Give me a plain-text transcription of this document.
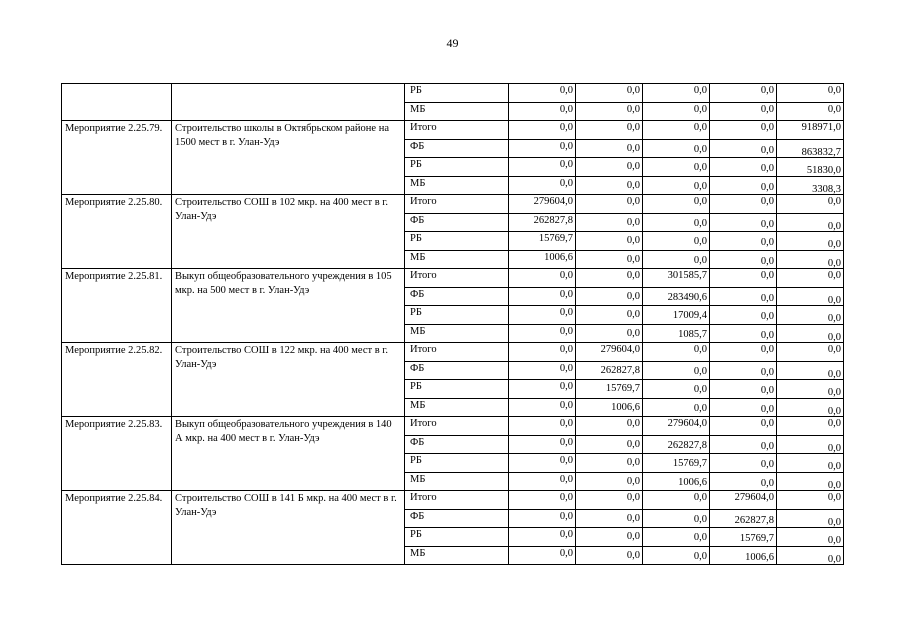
49
		РБ	0,0	0,0	0,0	0,0	0,0
		МБ	0,0	0,0	0,0	0,0	0,0
Мероприятие 2.25.79.	Строительство школы в Октябрьском районе на 1500 мест в г. Улан-Удэ	Итого	0,0	0,0	0,0	0,0	918971,0
		ФБ	0,0	0,0	0,0	0,0	863832,7
		РБ	0,0	0,0	0,0	0,0	51830,0
		МБ	0,0	0,0	0,0	0,0	3308,3
Мероприятие 2.25.80.	Строительство СОШ в 102 мкр. на 400 мест в г. Улан-Удэ	Итого	279604,0	0,0	0,0	0,0	0,0
		ФБ	262827,8	0,0	0,0	0,0	0,0
		РБ	15769,7	0,0	0,0	0,0	0,0
		МБ	1006,6	0,0	0,0	0,0	0,0
Мероприятие 2.25.81.	Выкуп общеобразовательного учреждения в 105 мкр. на 500 мест в г. Улан-Удэ	Итого	0,0	0,0	301585,7	0,0	0,0
		ФБ	0,0	0,0	283490,6	0,0	0,0
		РБ	0,0	0,0	17009,4	0,0	0,0
		МБ	0,0	0,0	1085,7	0,0	0,0
Мероприятие 2.25.82.	Строительство СОШ в 122 мкр. на 400 мест в г. Улан-Удэ	Итого	0,0	279604,0	0,0	0,0	0,0
		ФБ	0,0	262827,8	0,0	0,0	0,0
		РБ	0,0	15769,7	0,0	0,0	0,0
		МБ	0,0	1006,6	0,0	0,0	0,0
Мероприятие 2.25.83.	Выкуп общеобразовательного учреждения в 140 А мкр. на 400 мест в г. Улан-Удэ	Итого	0,0	0,0	279604,0	0,0	0,0
		ФБ	0,0	0,0	262827,8	0,0	0,0
		РБ	0,0	0,0	15769,7	0,0	0,0
		МБ	0,0	0,0	1006,6	0,0	0,0
Мероприятие 2.25.84.	Строительство СОШ в 141 Б мкр. на 400 мест в г. Улан-Удэ	Итого	0,0	0,0	0,0	279604,0	0,0
		ФБ	0,0	0,0	0,0	262827,8	0,0
		РБ	0,0	0,0	0,0	15769,7	0,0
		МБ	0,0	0,0	0,0	1006,6	0,0
